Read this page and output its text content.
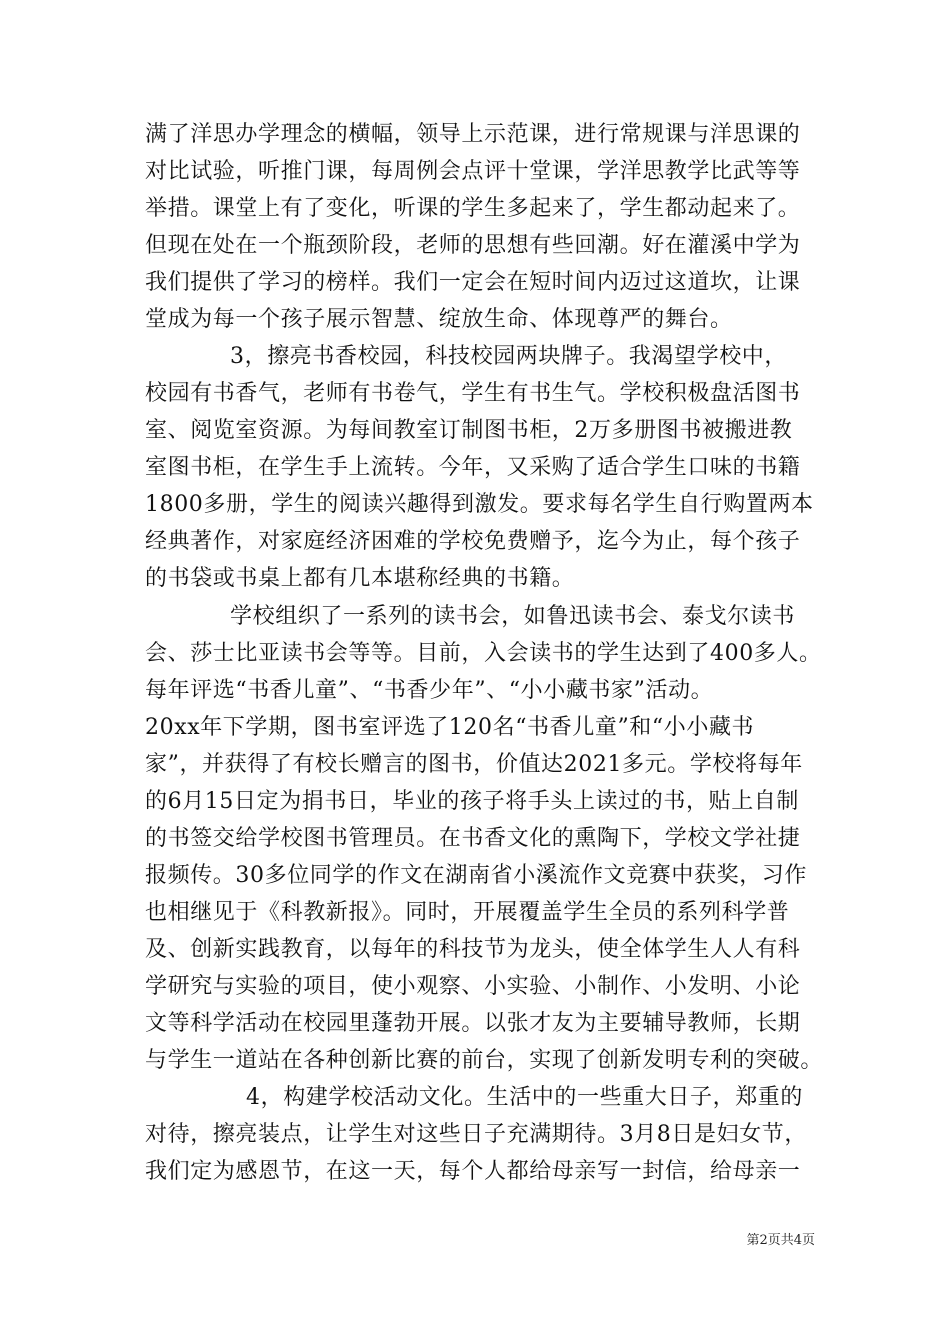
满了洋思办学理念的横幅，领导上示范课，进行常规课与洋思课的
对比试验，听推门课，每周例会点评十堂课，学洋思教学比武等等
举措。课堂上有了变化，听课的学生多起来了，学生都动起来了。
但现在处在一个瓶颈阶段，老师的思想有些回潮。好在灌溪中学为
我们提供了学习的榜样。我们一定会在短时间内迈过这道坎，让课
堂成为每一个孩子展示智慧、绽放生命、体现尊严的舞台。
3，擦亮书香校园，科技校园两块牌子。我渴望学校中，
校园有书香气，老师有书卷气，学生有书生气。学校积极盘活图书
室、阅览室资源。为每间教室订制图书柜，2万多册图书被搬进教
室图书柜，在学生手上流转。今年，又采购了适合学生口味的书籍
1800多册，学生的阅读兴趣得到激发。要求每名学生自行购置两本
经典著作，对家庭经济困难的学校免费赠予，迄今为止，每个孩子
的书袋或书桌上都有几本堪称经典的书籍。
学校组织了一系列的读书会，如鲁迅读书会、泰戈尔读书
会、莎士比亚读书会等等。目前，入会读书的学生达到了400多人。
每年评选“书香儿童”、“书香少年”、“小小藏书家”活动。
20xx年下学期，图书室评选了120名“书香儿童”和“小小藏书
家”，并获得了有校长赠言的图书，价值达2021多元。学校将每年
的6月15日定为捐书日，毕业的孩子将手头上读过的书，贴上自制
的书签交给学校图书管理员。在书香文化的熏陶下，学校文学社捷
报频传。30多位同学的作文在湖南省小溪流作文竞赛中获奖，习作
也相继见于《科教新报》。同时，开展覆盖学生全员的系列科学普
及、创新实践教育，以每年的科技节为龙头，使全体学生人人有科
学研究与实验的项目，使小观察、小实验、小制作、小发明、小论
文等科学活动在校园里蓬勃开展。以张才友为主要辅导教师，长期
与学生一道站在各种创新比赛的前台，实现了创新发明专利的突破。
4，构建学校活动文化。生活中的一些重大日子，郑重的
对待，擦亮装点，让学生对这些日子充满期待。3月8日是妇女节，
我们定为感恩节，在这一天，每个人都给母亲写一封信，给母亲一
第2页共4页
